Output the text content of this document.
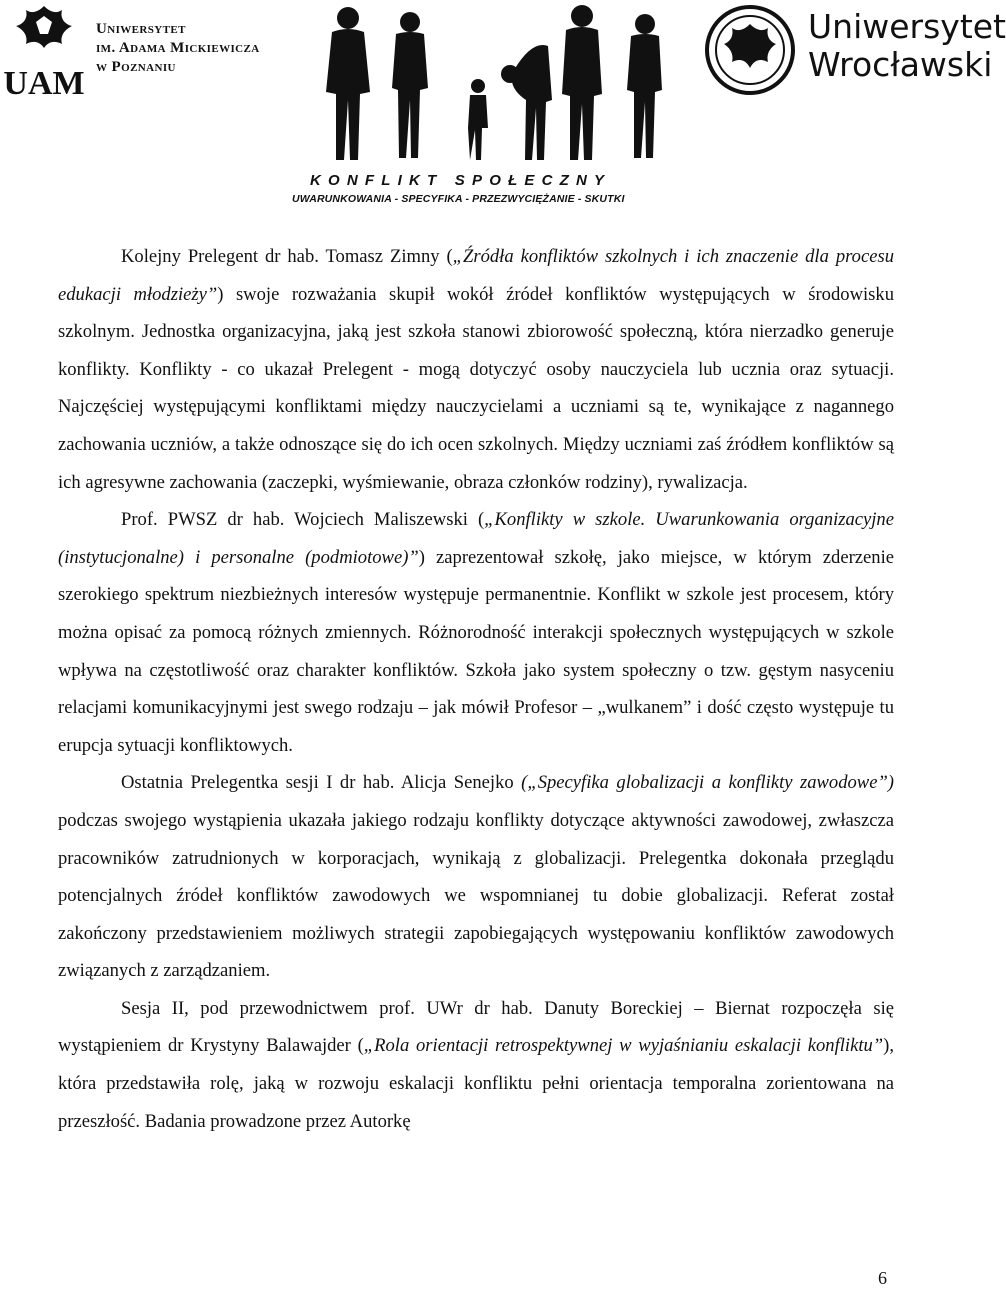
UAM
Uniwersytet
im. Adama Mickiewicza
w Poznaniu
Uniwersytet
Wrocławski
KONFLIKT SPOŁECZNY
UWARUNKOWANIA - SPECYFIKA - PRZEZWYCIĘŻANIE - SKUTKI

Kolejny Prelegent dr hab. Tomasz Zimny („Źródła konfliktów szkolnych i ich znaczenie dla procesu edukacji młodzieży”) swoje rozważania skupił wokół źródeł konfliktów występujących w środowisku szkolnym. Jednostka organizacyjna, jaką jest szkoła stanowi zbiorowość społeczną, która nierzadko generuje konflikty. Konflikty - co ukazał Prelegent - mogą dotyczyć osoby nauczyciela lub ucznia oraz sytuacji. Najczęściej występującymi konfliktami między nauczycielami a uczniami są te, wynikające z nagannego zachowania uczniów, a także odnoszące się do ich ocen szkolnych. Między uczniami zaś źródłem konfliktów są ich agresywne zachowania (zaczepki, wyśmiewanie, obraza członków rodziny), rywalizacja.

Prof. PWSZ dr hab. Wojciech Maliszewski („Konflikty w szkole. Uwarunkowania organizacyjne (instytucjonalne) i personalne (podmiotowe)”) zaprezentował szkołę, jako miejsce, w którym zderzenie szerokiego spektrum niezbieżnych interesów występuje permanentnie. Konflikt w szkole jest procesem, który można opisać za pomocą różnych zmiennych. Różnorodność interakcji społecznych występujących w szkole wpływa na częstotliwość oraz charakter konfliktów. Szkoła jako system społeczny o tzw. gęstym nasyceniu relacjami komunikacyjnymi jest swego rodzaju – jak mówił Profesor – „wulkanem” i dość często występuje tu erupcja sytuacji konfliktowych.

Ostatnia Prelegentka sesji I dr hab. Alicja Senejko („Specyfika globalizacji a konflikty zawodowe”) podczas swojego wystąpienia ukazała jakiego rodzaju konflikty dotyczące aktywności zawodowej, zwłaszcza pracowników zatrudnionych w korporacjach, wynikają z globalizacji. Prelegentka dokonała przeglądu potencjalnych źródeł konfliktów zawodowych we wspomnianej tu dobie globalizacji. Referat został zakończony przedstawieniem możliwych strategii zapobiegających występowaniu konfliktów zawodowych związanych z zarządzaniem.

Sesja II, pod przewodnictwem prof. UWr dr hab. Danuty Boreckiej – Biernat rozpoczęła się wystąpieniem dr Krystyny Balawajder („Rola orientacji retrospektywnej w wyjaśnianiu eskalacji konfliktu”), która przedstawiła rolę, jaką w rozwoju eskalacji konfliktu pełni orientacja temporalna zorientowana na przeszłość. Badania prowadzone przez Autorkę

6
